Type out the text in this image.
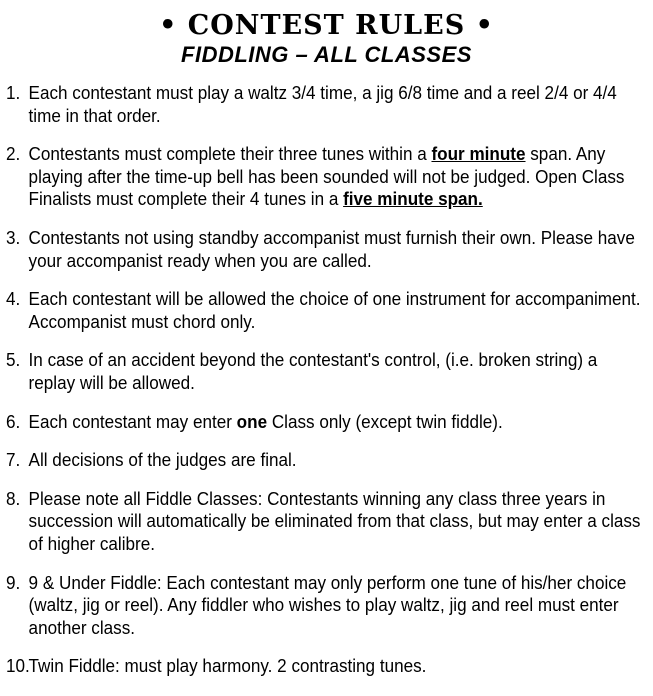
• CONTEST RULES •
FIDDLING – ALL CLASSES
1. Each contestant must play a waltz 3/4 time, a jig 6/8 time and a reel 2/4 or 4/4 time in that order.
2. Contestants must complete their three tunes within a four minute span. Any playing after the time-up bell has been sounded will not be judged. Open Class Finalists must complete their 4 tunes in a five minute span.
3. Contestants not using standby accompanist must furnish their own. Please have your accompanist ready when you are called.
4. Each contestant will be allowed the choice of one instrument for accompaniment. Accompanist must chord only.
5. In case of an accident beyond the contestant's control, (i.e. broken string) a replay will be allowed.
6. Each contestant may enter one Class only (except twin fiddle).
7. All decisions of the judges are final.
8. Please note all Fiddle Classes: Contestants winning any class three years in succession will automatically be eliminated from that class, but may enter a class of higher calibre.
9. 9 & Under Fiddle: Each contestant may only perform one tune of his/her choice (waltz, jig or reel). Any fiddler who wishes to play waltz, jig and reel must enter another class.
10.
Twin Fiddle: must play harmony. 2 contrasting tunes.
